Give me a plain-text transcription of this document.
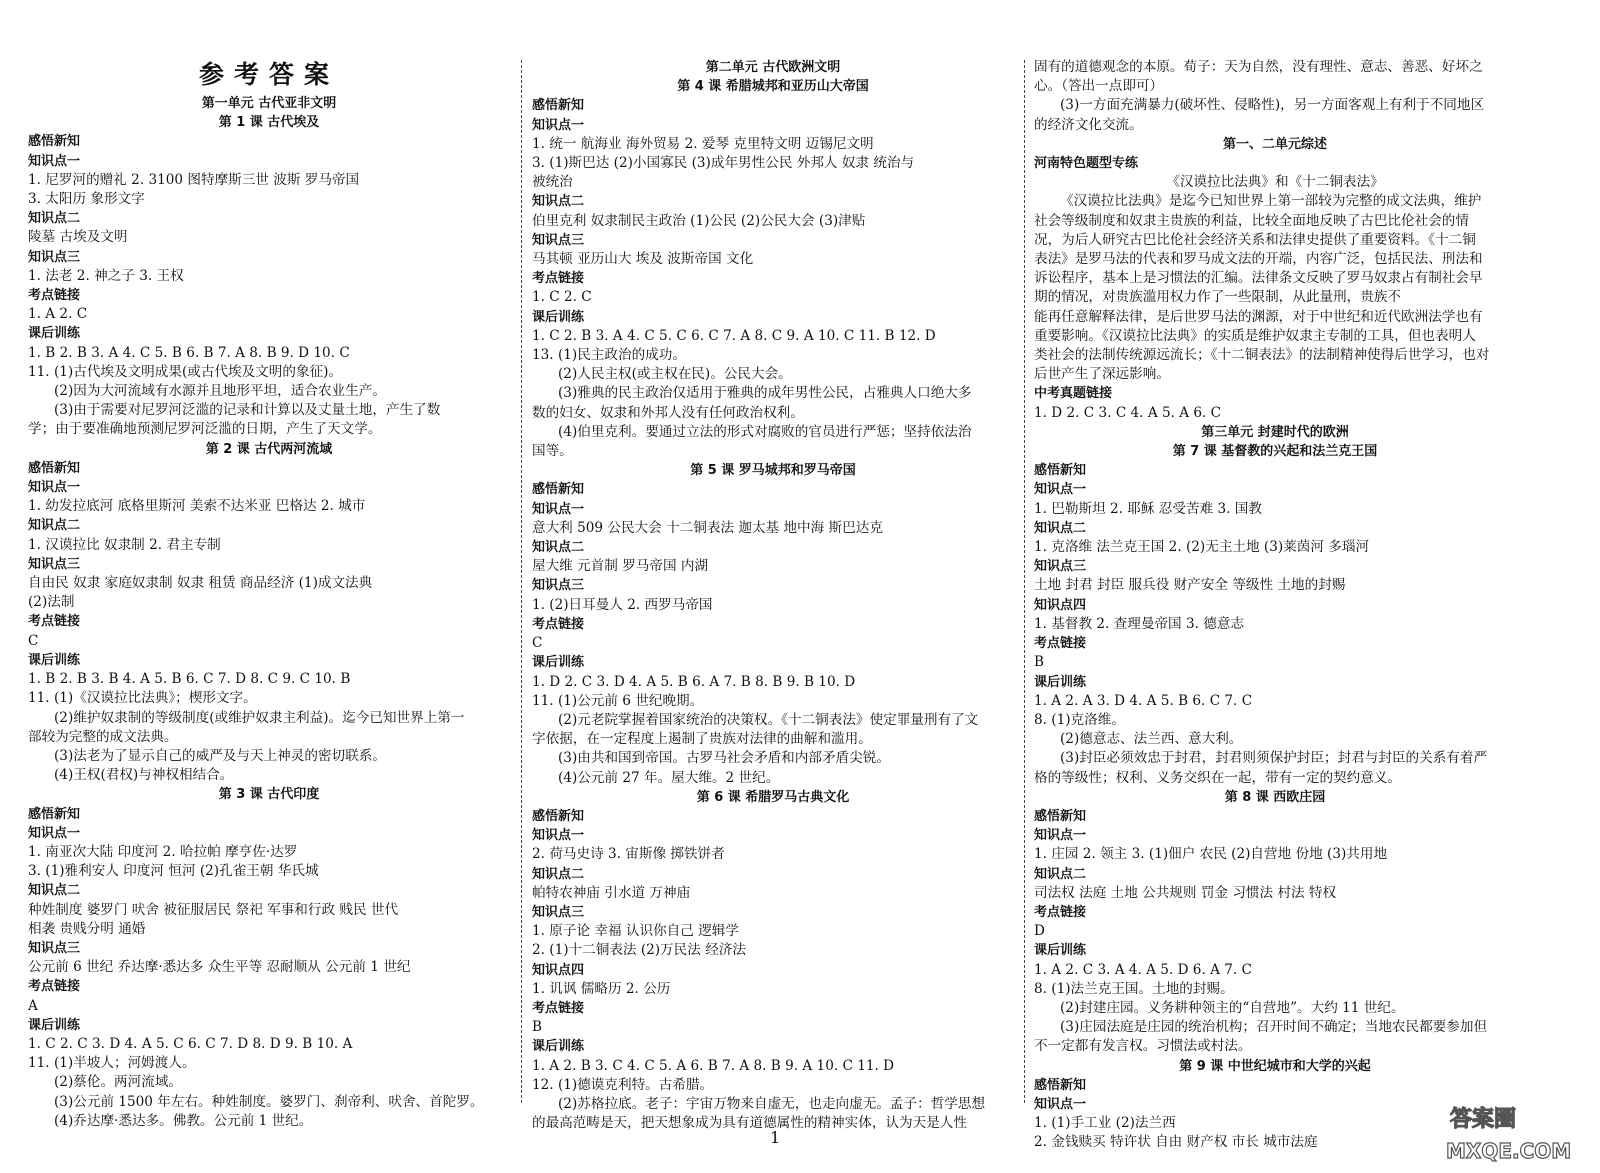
参考答案
第一单元 古代亚非文明
第 1 课 古代埃及
感悟新知
知识点一
1. 尼罗河的赠礼 2. 3100 图特摩斯三世 波斯 罗马帝国
3. 太阳历 象形文字
知识点二
陵墓 古埃及文明
知识点三
1. 法老 2. 神之子 3. 王权
考点链接
1. A 2. C
课后训练
1. B 2. B 3. A 4. C 5. B 6. B 7. A 8. B 9. D 10. C
11. (1)古代埃及文明成果(或古代埃及文明的象征)。
(2)因为大河流域有水源并且地形平坦，适合农业生产。
(3)由于需要对尼罗河泛滥的记录和计算以及丈量土地，产生了数
学；由于要准确地预测尼罗河泛滥的日期，产生了天文学。
第 2 课 古代两河流域
感悟新知
知识点一
1. 幼发拉底河 底格里斯河 美索不达米亚 巴格达 2. 城市
知识点二
1. 汉谟拉比 奴隶制 2. 君主专制
知识点三
自由民 奴隶 家庭奴隶制 奴隶 租赁 商品经济 (1)成文法典
(2)法制
考点链接
C
课后训练
1. B 2. B 3. B 4. A 5. B 6. C 7. D 8. C 9. C 10. B
11. (1)《汉谟拉比法典》；楔形文字。
(2)维护奴隶制的等级制度(或维护奴隶主利益)。迄今已知世界上第一
部较为完整的成文法典。
(3)法老为了显示自己的威严及与天上神灵的密切联系。
(4)王权(君权)与神权相结合。
第 3 课 古代印度
感悟新知
知识点一
1. 南亚次大陆 印度河 2. 哈拉帕 摩亨佐·达罗
3. (1)雅利安人 印度河 恒河 (2)孔雀王朝 华氏城
知识点二
种姓制度 婆罗门 吠舍 被征服居民 祭祀 军事和行政 贱民 世代
相袭 贵贱分明 通婚
知识点三
公元前 6 世纪 乔达摩·悉达多 众生平等 忍耐顺从 公元前 1 世纪
考点链接
A
课后训练
1. C 2. C 3. D 4. A 5. C 6. C 7. D 8. D 9. B 10. A
11. (1)半坡人；河姆渡人。
(2)蔡伦。两河流域。
(3)公元前 1500 年左右。种姓制度。婆罗门、刹帝利、吠舍、首陀罗。
(4)乔达摩·悉达多。佛教。公元前 1 世纪。
第二单元 古代欧洲文明
第 4 课 希腊城邦和亚历山大帝国
感悟新知
知识点一
1. 统一 航海业 海外贸易 2. 爱琴 克里特文明 迈锡尼文明
3. (1)斯巴达 (2)小国寡民 (3)成年男性公民 外邦人 奴隶 统治与
被统治
知识点二
伯里克利 奴隶制民主政治 (1)公民 (2)公民大会 (3)津贴
知识点三
马其顿 亚历山大 埃及 波斯帝国 文化
考点链接
1. C 2. C
课后训练
1. C 2. B 3. A 4. C 5. C 6. C 7. A 8. C 9. A 10. C 11. B 12. D
13. (1)民主政治的成功。
(2)人民主权(或主权在民)。公民大会。
(3)雅典的民主政治仅适用于雅典的成年男性公民，占雅典人口绝大多
数的妇女、奴隶和外邦人没有任何政治权利。
(4)伯里克利。要通过立法的形式对腐败的官员进行严惩；坚持依法治
国等。
第 5 课 罗马城邦和罗马帝国
感悟新知
知识点一
意大利 509 公民大会 十二铜表法 迦太基 地中海 斯巴达克
知识点二
屋大维 元首制 罗马帝国 内湖
知识点三
1. (2)日耳曼人 2. 西罗马帝国
考点链接
C
课后训练
1. D 2. C 3. D 4. A 5. B 6. A 7. B 8. B 9. B 10. D
11. (1)公元前 6 世纪晚期。
(2)元老院掌握着国家统治的决策权。《十二铜表法》使定罪量刑有了文
字依据，在一定程度上遏制了贵族对法律的曲解和滥用。
(3)由共和国到帝国。古罗马社会矛盾和内部矛盾尖锐。
(4)公元前 27 年。屋大维。2 世纪。
第 6 课 希腊罗马古典文化
感悟新知
知识点一
2. 荷马史诗 3. 宙斯像 掷铁饼者
知识点二
帕特农神庙 引水道 万神庙
知识点三
1. 原子论 幸福 认识你自己 逻辑学
2. (1)十二铜表法 (2)万民法 经济法
知识点四
1. 讥讽 儒略历 2. 公历
考点链接
B
课后训练
1. A 2. B 3. C 4. C 5. A 6. B 7. A 8. B 9. A 10. C 11. D
12. (1)德谟克利特。古希腊。
(2)苏格拉底。老子：宇宙万物来自虚无，也走向虚无。孟子：哲学思想
的最高范畴是天，把天想象成为具有道德属性的精神实体，认为天是人性
固有的道德观念的本原。荀子：天为自然，没有理性、意志、善恶、好坏之
心。（答出一点即可）
(3)一方面充满暴力(破坏性、侵略性)，另一方面客观上有利于不同地区
的经济文化交流。
第一、二单元综述
河南特色题型专练
《汉谟拉比法典》和《十二铜表法》
《汉谟拉比法典》是迄今已知世界上第一部较为完整的成文法典，维护
社会等级制度和奴隶主贵族的利益，比较全面地反映了古巴比伦社会的情
况，为后人研究古巴比伦社会经济关系和法律史提供了重要资料。《十二铜
表法》是罗马法的代表和罗马成文法的开端，内容广泛，包括民法、刑法和
诉讼程序，基本上是习惯法的汇编。法律条文反映了罗马奴隶占有制社会早
期的情况，对贵族滥用权力作了一些限制，从此量刑，贵族不
能再任意解释法律，是后世罗马法的渊源，对于中世纪和近代欧洲法学也有
重要影响。《汉谟拉比法典》的实质是维护奴隶主专制的工具，但也表明人
类社会的法制传统源远流长；《十二铜表法》的法制精神使得后世学习，也对
后世产生了深远影响。
中考真题链接
1. D 2. C 3. C 4. A 5. A 6. C
第三单元 封建时代的欧洲
第 7 课 基督教的兴起和法兰克王国
感悟新知
知识点一
1. 巴勒斯坦 2. 耶稣 忍受苦难 3. 国教
知识点二
1. 克洛维 法兰克王国 2. (2)无主土地 (3)莱茵河 多瑙河
知识点三
土地 封君 封臣 服兵役 财产安全 等级性 土地的封赐
知识点四
1. 基督教 2. 查理曼帝国 3. 德意志
考点链接
B
课后训练
1. A 2. A 3. D 4. A 5. B 6. C 7. C
8. (1)克洛维。
(2)德意志、法兰西、意大利。
(3)封臣必须效忠于封君，封君则须保护封臣；封君与封臣的关系有着严
格的等级性；权利、义务交织在一起，带有一定的契约意义。
第 8 课 西欧庄园
感悟新知
知识点一
1. 庄园 2. 领主 3. (1)佃户 农民 (2)自营地 份地 (3)共用地
知识点二
司法权 法庭 土地 公共规则 罚金 习惯法 村法 特权
考点链接
D
课后训练
1. A 2. C 3. A 4. A 5. D 6. A 7. C
8. (1)法兰克王国。土地的封赐。
(2)封建庄园。义务耕种领主的“自营地”。大约 11 世纪。
(3)庄园法庭是庄园的统治机构；召开时间不确定；当地农民都要参加但
不一定都有发言权。习惯法或村法。
第 9 课 中世纪城市和大学的兴起
感悟新知
知识点一
1. (1)手工业 (2)法兰西
2. 金钱赎买 特许状 自由 财产权 市长 城市法庭
1
答案圈
MXQE.COM
